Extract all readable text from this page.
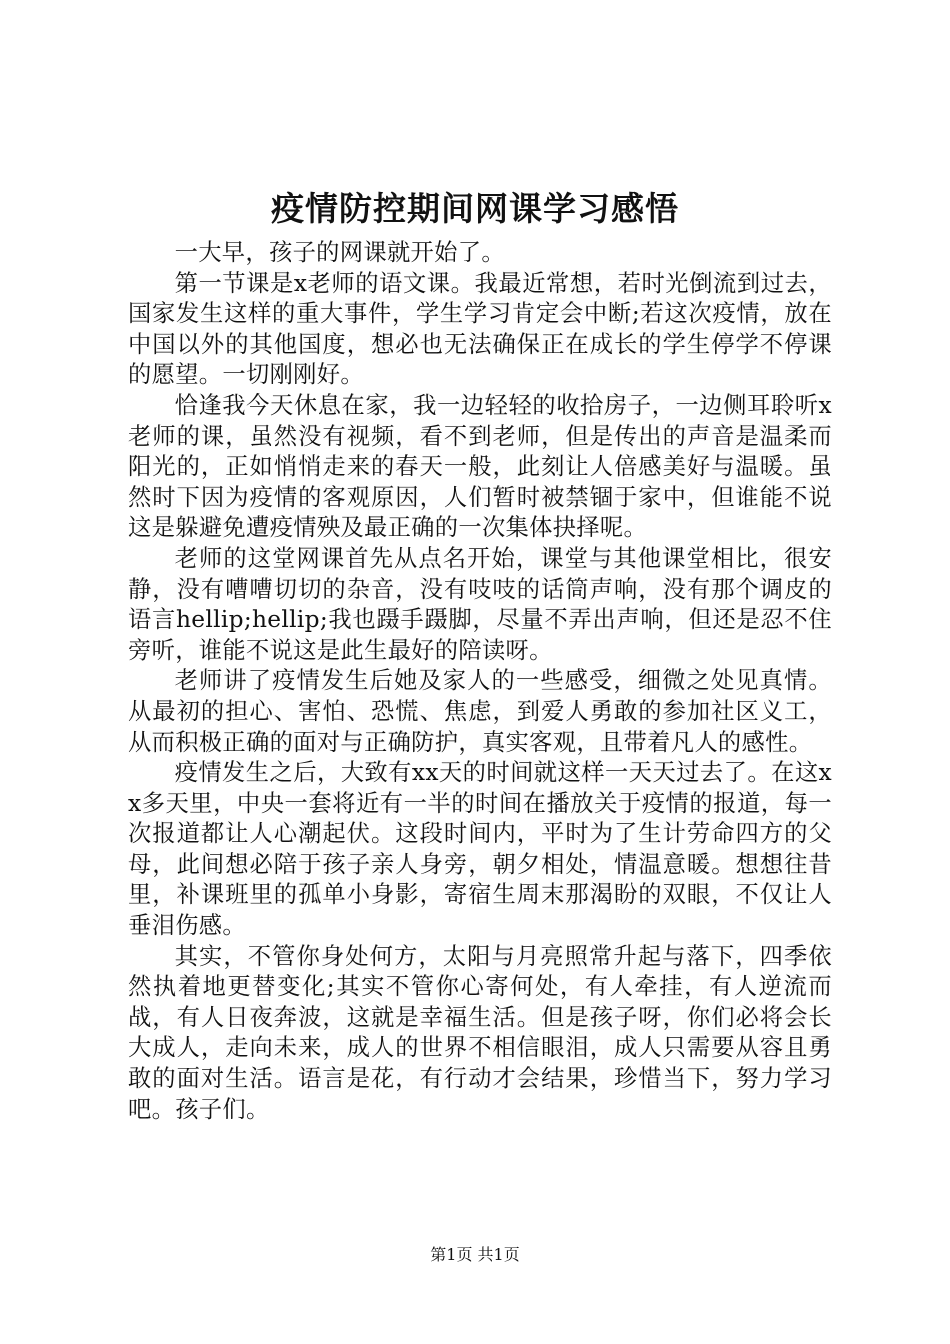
疫情防控期间网课学习感悟

一大早，孩子的网课就开始了。

第一节课是x老师的语文课。我最近常想，若时光倒流到过去，国家发生这样的重大事件，学生学习肯定会中断;若这次疫情，放在中国以外的其他国度，想必也无法确保正在成长的学生停学不停课的愿望。一切刚刚好。

恰逢我今天休息在家，我一边轻轻的收拾房子，一边侧耳聆听x老师的课，虽然没有视频，看不到老师，但是传出的声音是温柔而阳光的，正如悄悄走来的春天一般，此刻让人倍感美好与温暖。虽然时下因为疫情的客观原因，人们暂时被禁锢于家中，但谁能不说这是躲避免遭疫情殃及最正确的一次集体抉择呢。

老师的这堂网课首先从点名开始，课堂与其他课堂相比，很安静，没有嘈嘈切切的杂音，没有吱吱的话筒声响，没有那个调皮的语言hellip;hellip;我也蹑手蹑脚，尽量不弄出声响，但还是忍不住旁听，谁能不说这是此生最好的陪读呀。

老师讲了疫情发生后她及家人的一些感受，细微之处见真情。从最初的担心、害怕、恐慌、焦虑，到爱人勇敢的参加社区义工，从而积极正确的面对与正确防护，真实客观，且带着凡人的感性。

疫情发生之后，大致有xx天的时间就这样一天天过去了。在这xx多天里，中央一套将近有一半的时间在播放关于疫情的报道，每一次报道都让人心潮起伏。这段时间内，平时为了生计劳命四方的父母，此间想必陪于孩子亲人身旁，朝夕相处，情温意暖。想想往昔里，补课班里的孤单小身影，寄宿生周末那渴盼的双眼，不仅让人垂泪伤感。

其实，不管你身处何方，太阳与月亮照常升起与落下，四季依然执着地更替变化;其实不管你心寄何处，有人牵挂，有人逆流而战，有人日夜奔波，这就是幸福生活。但是孩子呀，你们必将会长大成人，走向未来，成人的世界不相信眼泪，成人只需要从容且勇敢的面对生活。语言是花，有行动才会结果，珍惜当下，努力学习吧。孩子们。

第1页 共1页
